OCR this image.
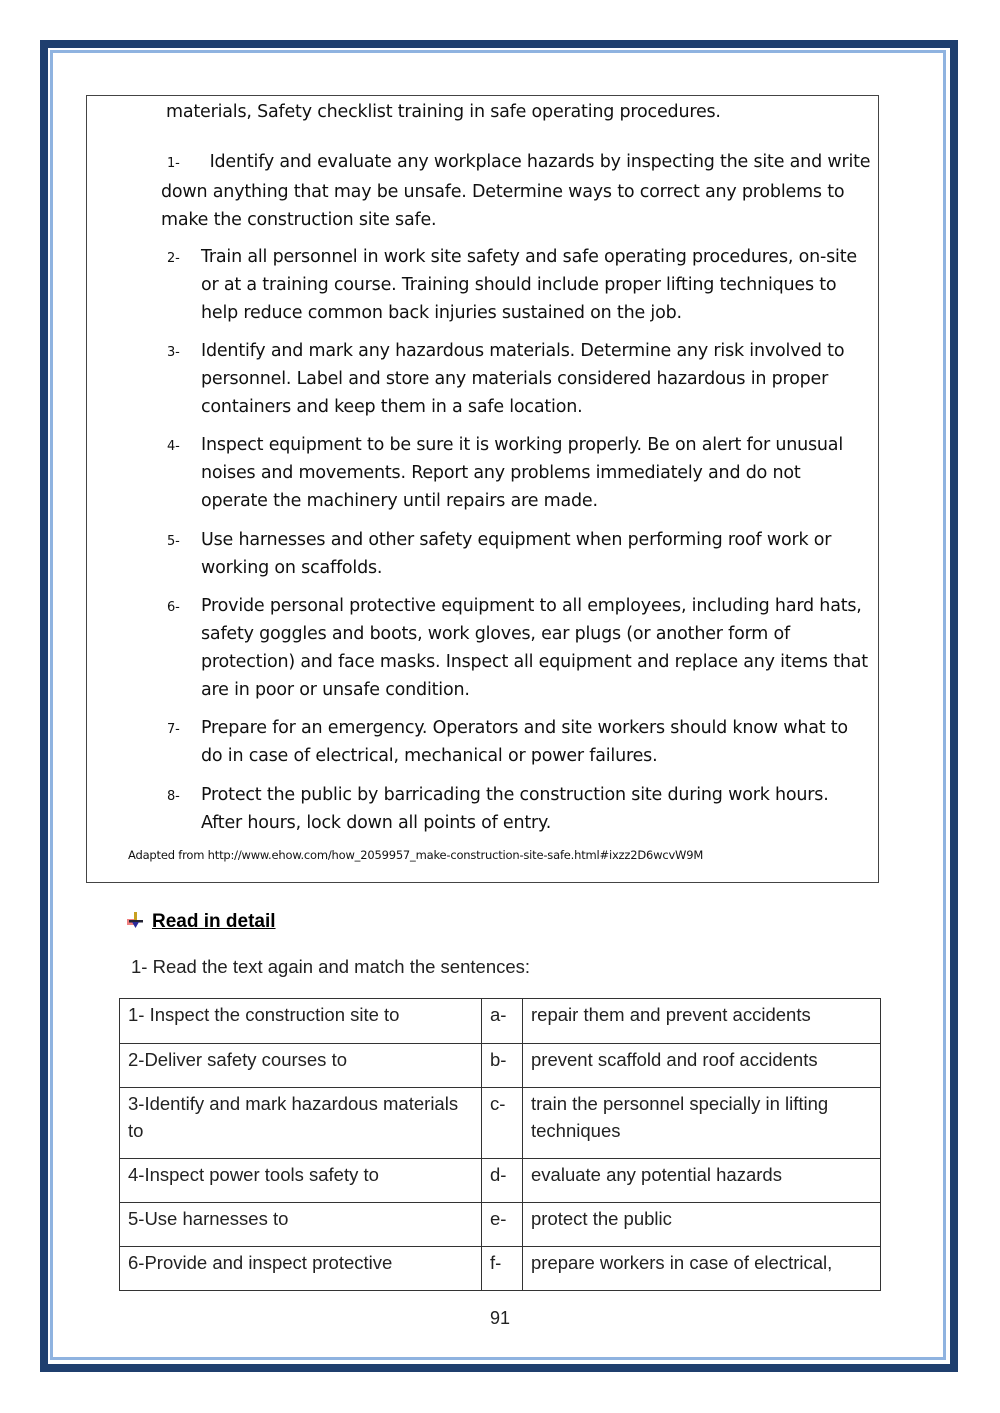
materials, Safety checklist training in safe operating procedures.
1- Identify and evaluate any workplace hazards by inspecting the site and write down anything that may be unsafe. Determine ways to correct any problems to make the construction site safe.
2- Train all personnel in work site safety and safe operating procedures, on-site or at a training course. Training should include proper lifting techniques to help reduce common back injuries sustained on the job.
3- Identify and mark any hazardous materials. Determine any risk involved to personnel. Label and store any materials considered hazardous in proper containers and keep them in a safe location.
4- Inspect equipment to be sure it is working properly. Be on alert for unusual noises and movements. Report any problems immediately and do not operate the machinery until repairs are made.
5- Use harnesses and other safety equipment when performing roof work or working on scaffolds.
6- Provide personal protective equipment to all employees, including hard hats, safety goggles and boots, work gloves, ear plugs (or another form of protection) and face masks. Inspect all equipment and replace any items that are in poor or unsafe condition.
7- Prepare for an emergency. Operators and site workers should know what to do in case of electrical, mechanical or power failures.
8- Protect the public by barricading the construction site during work hours. After hours, lock down all points of entry.
Adapted from http://www.ehow.com/how_2059957_make-construction-site-safe.html#ixzz2D6wcvW9M
Read in detail
1- Read the text again and match the sentences:
1- Inspect the construction site to	a-	repair them and prevent accidents
2-Deliver safety courses to	b-	prevent scaffold and roof accidents
3-Identify and mark hazardous materials to	c-	train the personnel specially in lifting techniques
4-Inspect power tools safety to	d-	evaluate any potential hazards
5-Use harnesses to	e-	protect the public
6-Provide and inspect protective	f-	prepare workers in case of electrical,
91
